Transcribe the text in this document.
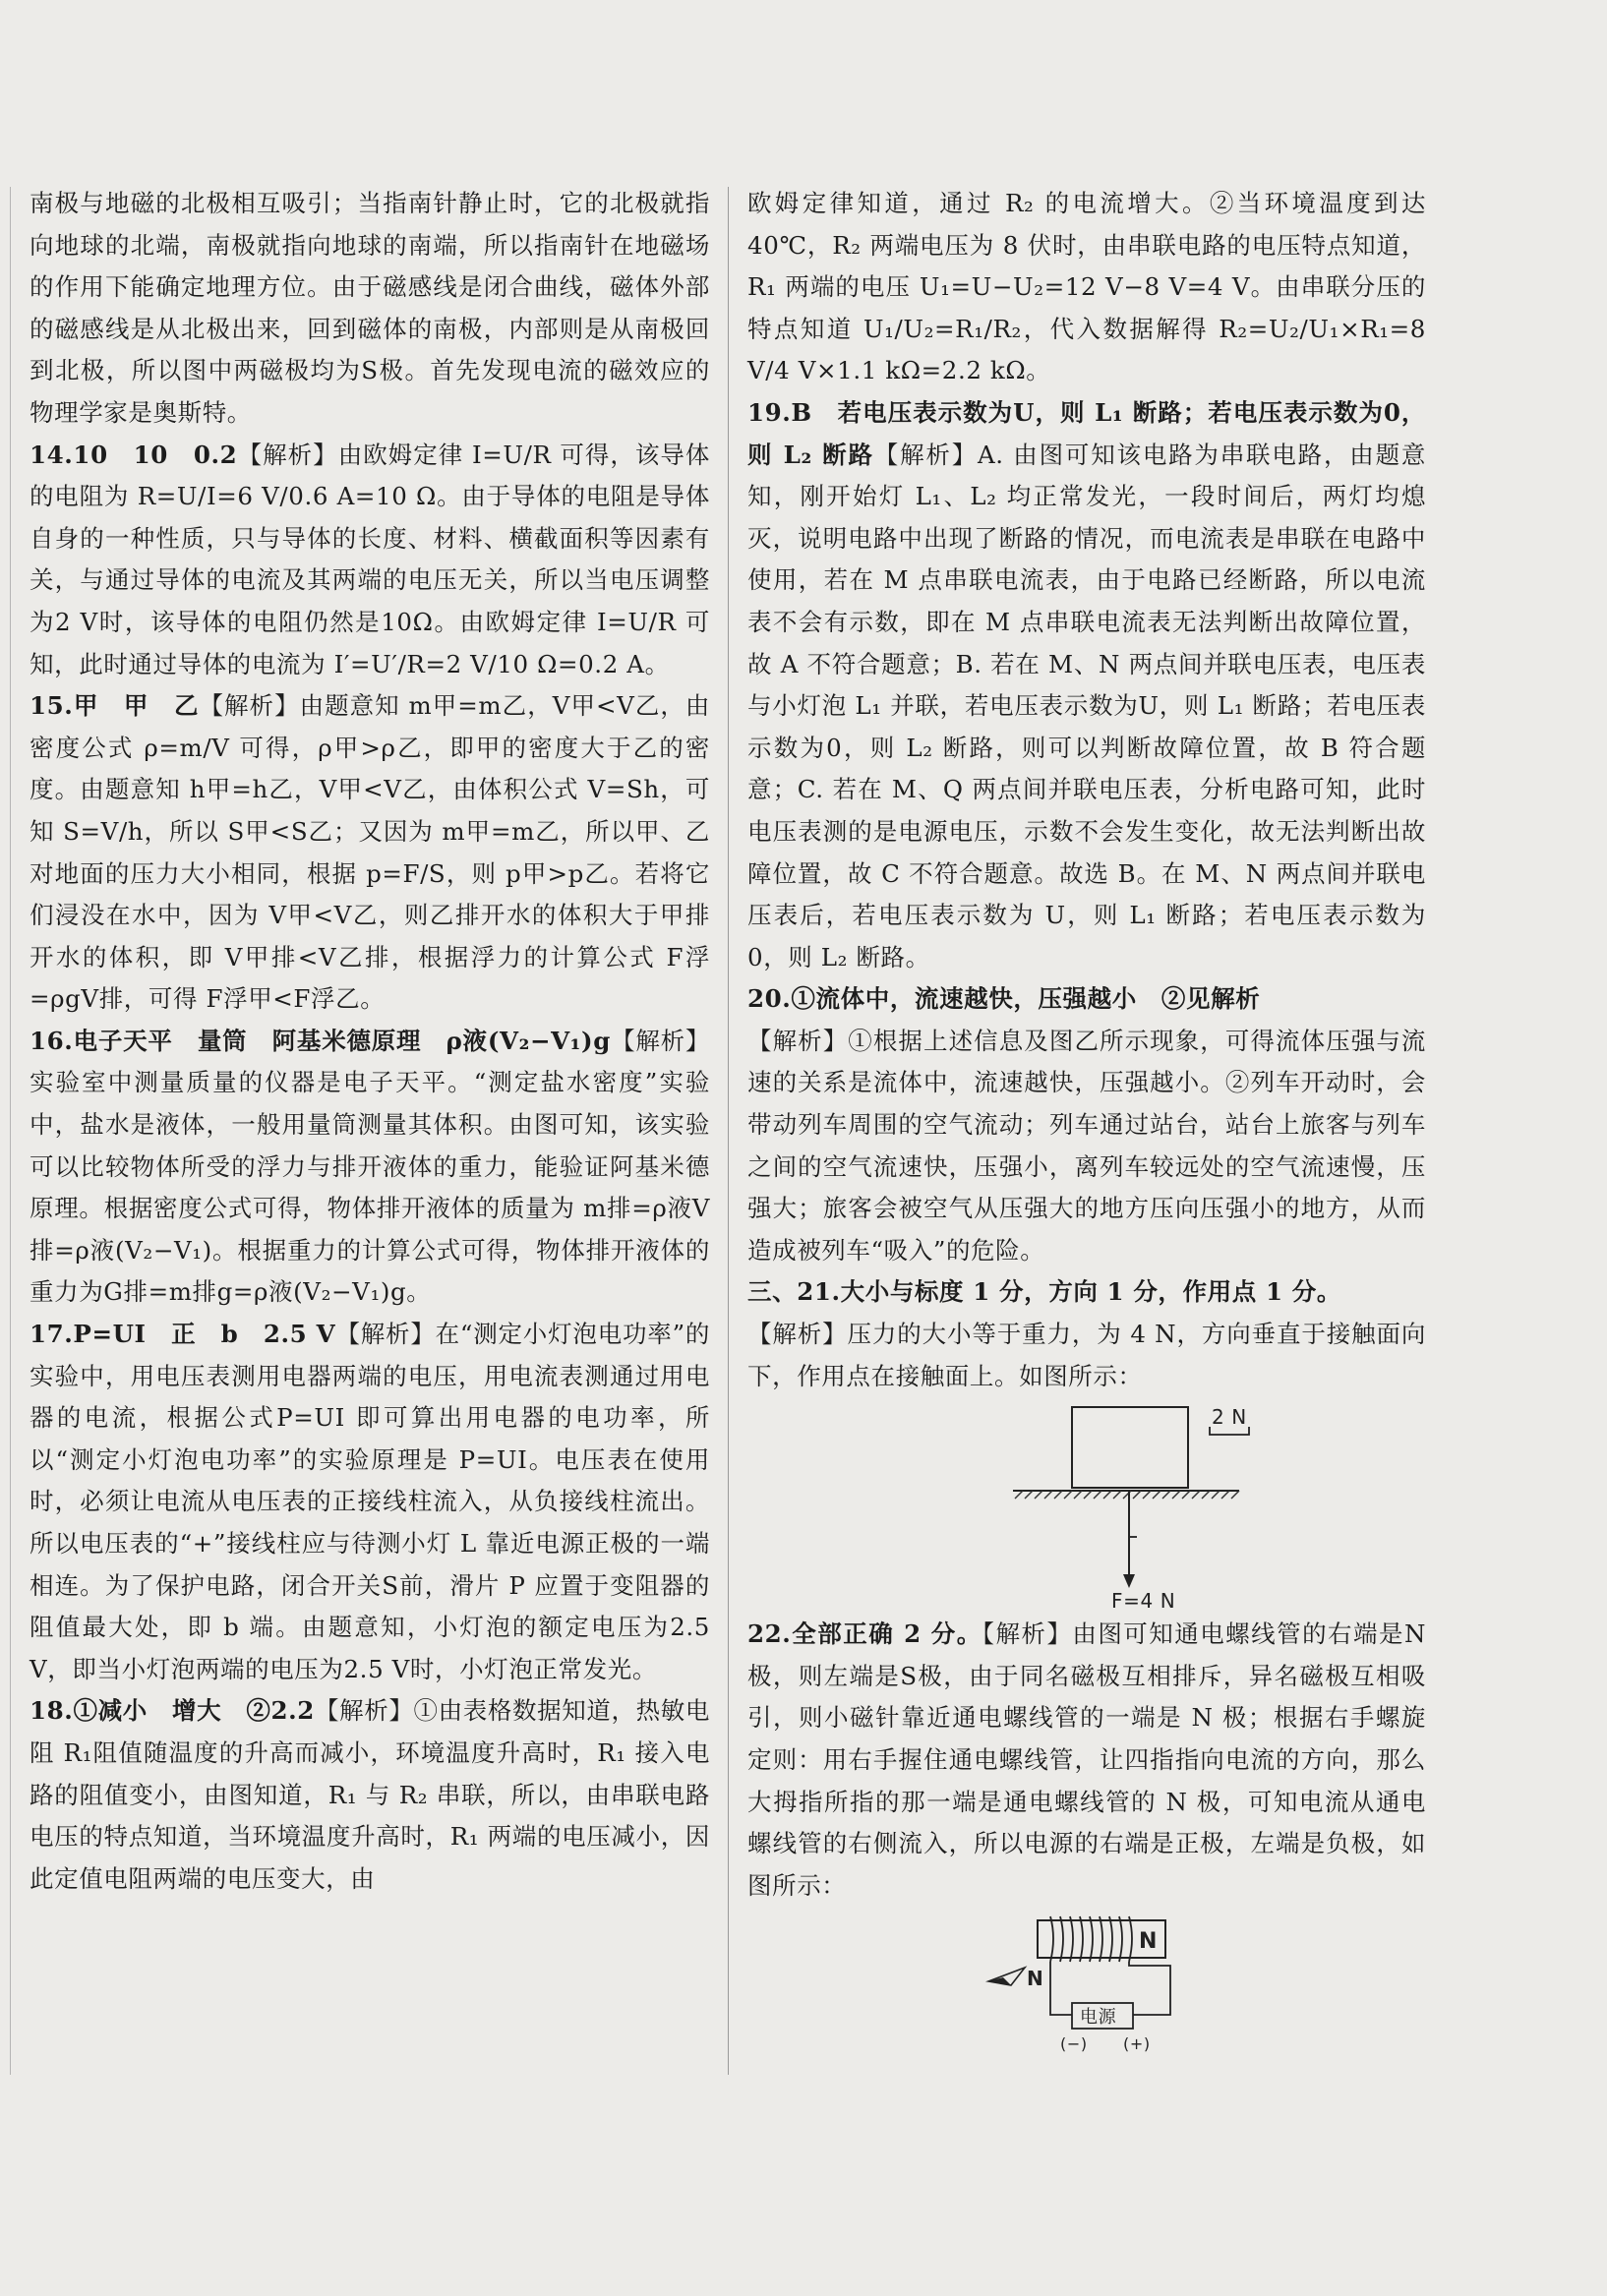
南极与地磁的北极相互吸引；当指南针静止时，它的北极就指向地球的北端，南极就指向地球的南端，所以指南针在地磁场的作用下能确定地理方位。由于磁感线是闭合曲线，磁体外部的磁感线是从北极出来，回到磁体的南极，内部则是从南极回到北极，所以图中两磁极均为S极。首先发现电流的磁效应的物理学家是奥斯特。

14.10　10　0.2【解析】由欧姆定律 I=U/R 可得，该导体的电阻为 R=U/I=6 V/0.6 A=10 Ω。由于导体的电阻是导体自身的一种性质，只与导体的长度、材料、横截面积等因素有关，与通过导体的电流及其两端的电压无关，所以当电压调整为2 V时，该导体的电阻仍然是10Ω。由欧姆定律 I=U/R 可知，此时通过导体的电流为 I′=U′/R=2 V/10 Ω=0.2 A。

15.甲　甲　乙【解析】由题意知 m甲=m乙，V甲<V乙，由密度公式 ρ=m/V 可得，ρ甲>ρ乙，即甲的密度大于乙的密度。由题意知 h甲=h乙，V甲<V乙，由体积公式 V=Sh，可知 S=V/h，所以 S甲<S乙；又因为 m甲=m乙，所以甲、乙对地面的压力大小相同，根据 p=F/S，则 p甲>p乙。若将它们浸没在水中，因为 V甲<V乙，则乙排开水的体积大于甲排开水的体积，即 V甲排<V乙排，根据浮力的计算公式 F浮=ρgV排，可得 F浮甲<F浮乙。

16.电子天平　量筒　阿基米德原理　ρ液(V₂−V₁)g【解析】实验室中测量质量的仪器是电子天平。“测定盐水密度”实验中，盐水是液体，一般用量筒测量其体积。由图可知，该实验可以比较物体所受的浮力与排开液体的重力，能验证阿基米德原理。根据密度公式可得，物体排开液体的质量为 m排=ρ液V排=ρ液(V₂−V₁)。根据重力的计算公式可得，物体排开液体的重力为G排=m排g=ρ液(V₂−V₁)g。

17.P=UI　正　b　2.5 V【解析】在“测定小灯泡电功率”的实验中，用电压表测用电器两端的电压，用电流表测通过用电器的电流，根据公式P=UI 即可算出用电器的电功率，所以“测定小灯泡电功率”的实验原理是 P=UI。电压表在使用时，必须让电流从电压表的正接线柱流入，从负接线柱流出。所以电压表的“+”接线柱应与待测小灯 L 靠近电源正极的一端相连。为了保护电路，闭合开关S前，滑片 P 应置于变阻器的阻值最大处，即 b 端。由题意知，小灯泡的额定电压为2.5 V，即当小灯泡两端的电压为2.5 V时，小灯泡正常发光。

18.①减小　增大　②2.2【解析】①由表格数据知道，热敏电阻 R₁阻值随温度的升高而减小，环境温度升高时，R₁ 接入电路的阻值变小，由图知道，R₁ 与 R₂ 串联，所以，由串联电路电压的特点知道，当环境温度升高时，R₁ 两端的电压减小，因此定值电阻两端的电压变大，由

欧姆定律知道，通过 R₂ 的电流增大。②当环境温度到达40℃，R₂ 两端电压为 8 伏时，由串联电路的电压特点知道，R₁ 两端的电压 U₁=U−U₂=12 V−8 V=4 V。由串联分压的特点知道 U₁/U₂=R₁/R₂，代入数据解得 R₂=U₂/U₁×R₁=8 V/4 V×1.1 kΩ=2.2 kΩ。

19.B　若电压表示数为U，则 L₁ 断路；若电压表示数为0，则 L₂ 断路【解析】A. 由图可知该电路为串联电路，由题意知，刚开始灯 L₁、L₂ 均正常发光，一段时间后，两灯均熄灭，说明电路中出现了断路的情况，而电流表是串联在电路中使用，若在 M 点串联电流表，由于电路已经断路，所以电流表不会有示数，即在 M 点串联电流表无法判断出故障位置，故 A 不符合题意；B. 若在 M、N 两点间并联电压表，电压表与小灯泡 L₁ 并联，若电压表示数为U，则 L₁ 断路；若电压表示数为0，则 L₂ 断路，则可以判断故障位置，故 B 符合题意；C. 若在 M、Q 两点间并联电压表，分析电路可知，此时电压表测的是电源电压，示数不会发生变化，故无法判断出故障位置，故 C 不符合题意。故选 B。在 M、N 两点间并联电压表后，若电压表示数为 U，则 L₁ 断路；若电压表示数为 0，则 L₂ 断路。

20.①流体中，流速越快，压强越小　②见解析

【解析】①根据上述信息及图乙所示现象，可得流体压强与流速的关系是流体中，流速越快，压强越小。②列车开动时，会带动列车周围的空气流动；列车通过站台，站台上旅客与列车之间的空气流速快，压强小，离列车较远处的空气流速慢，压强大；旅客会被空气从压强大的地方压向压强小的地方，从而造成被列车“吸入”的危险。

三、21.大小与标度 1 分，方向 1 分，作用点 1 分。

【解析】压力的大小等于重力，为 4 N，方向垂直于接触面向下，作用点在接触面上。如图所示：

2 N
F=4 N

22.全部正确 2 分。【解析】由图可知通电螺线管的右端是N极，则左端是S极，由于同名磁极互相排斥，异名磁极互相吸引，则小磁针靠近通电螺线管的一端是 N 极；根据右手螺旋定则：用右手握住通电螺线管，让四指指向电流的方向，那么大拇指所指的那一端是通电螺线管的 N 极，可知电流从通电螺线管的右侧流入，所以电源的右端是正极，左端是负极，如图所示：

N
电源
(−) (+)
N
